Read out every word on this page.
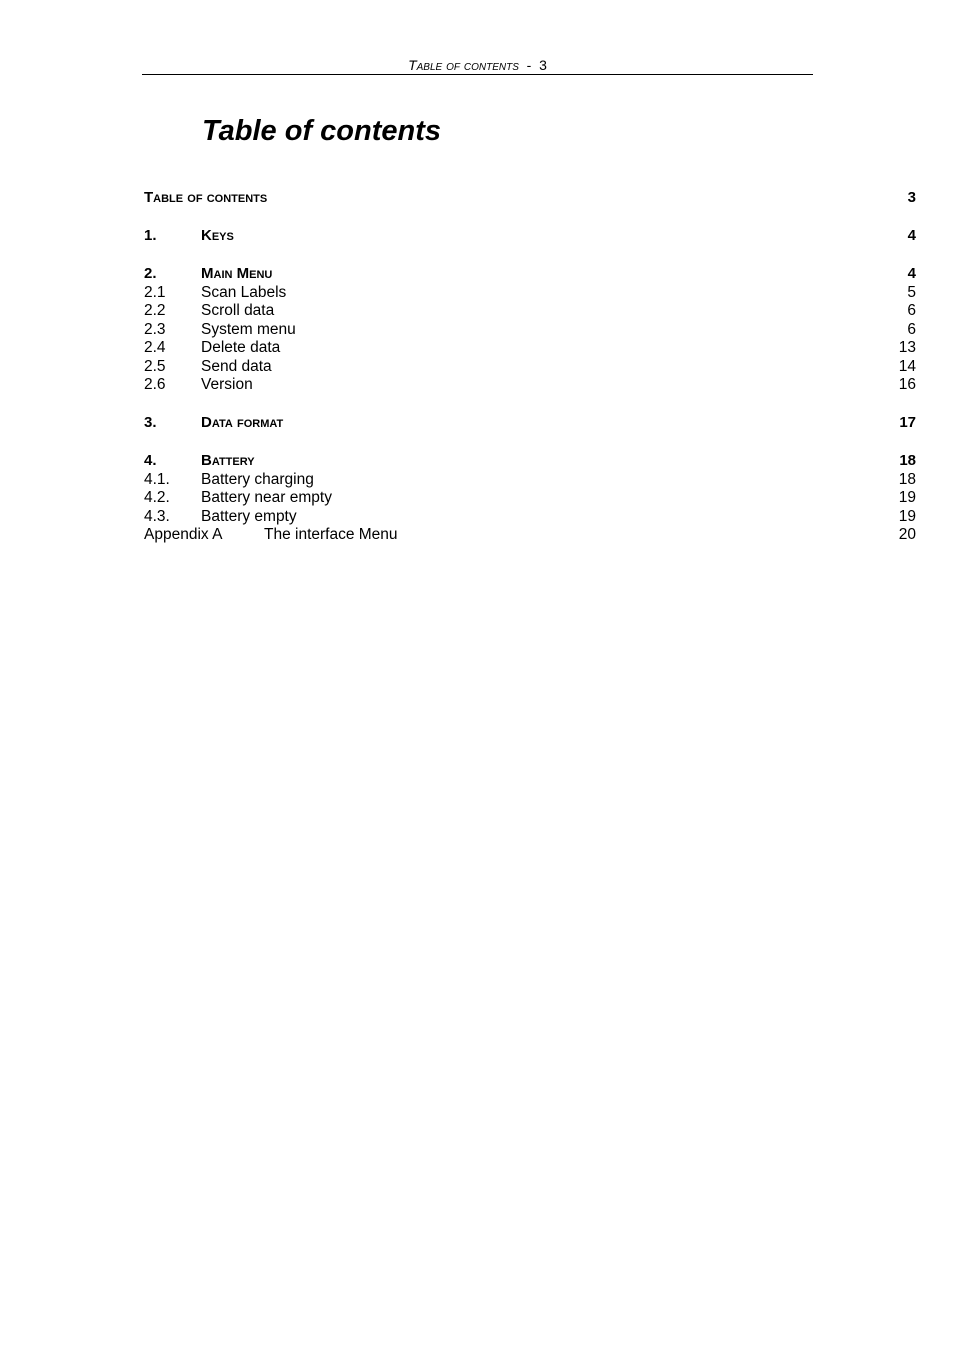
Table of contents - 3
Table of contents
Table of contents	3
1.	Keys	4
2.	Main Menu	4
2.1 Scan Labels	5
2.2 Scroll data	6
2.3 System menu	6
2.4 Delete data	13
2.5 Send data	14
2.6 Version	16
3.	Data format	17
4.	Battery	18
4.1. Battery charging	18
4.2. Battery near empty	19
4.3. Battery empty	19
Appendix A	The interface Menu	20
